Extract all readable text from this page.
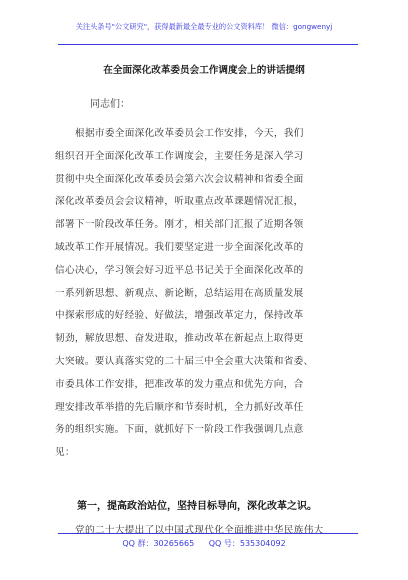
关注头条号"公文研究"，获得最新最全最专业的公文资料库！ 微信：gongwenyj
在全面深化改革委员会工作调度会上的讲话提纲
同志们：

根据市委全面深化改革委员会工作安排，今天，我们
组织召开全面深化改革工作调度会，主要任务是深入学习
贯彻中央全面深化改革委员会第六次会议精神和省委全面
深化改革委员会会议精神，听取重点改革课题情况汇报，
部署下一阶段改革任务。刚才，相关部门汇报了近期各领
域改革工作开展情况。我们要坚定进一步全面深化改革的
信心决心，学习领会好习近平总书记关于全面深化改革的
一系列新思想、新观点、新论断，总结运用在高质量发展
中探索形成的好经验、好做法，增强改革定力，保持改革
韧劲，解放思想、奋发进取，推动改革在新起点上取得更
大突破。要认真落实党的二十届三中全会重大决策和省委、
市委具体工作安排，把准改革的发力重点和优先方向，合
理安排改革举措的先后顺序和节奏时机，全力抓好改革任
务的组织实施。下面，就抓好下一阶段工作我强调几点意
见：

第一，提高政治站位，坚持目标导向，深化改革之识。
党的二十大提出了以中国式现代化全面推进中华民族伟大
QQ 群：30265665 QQ 号：535304092
